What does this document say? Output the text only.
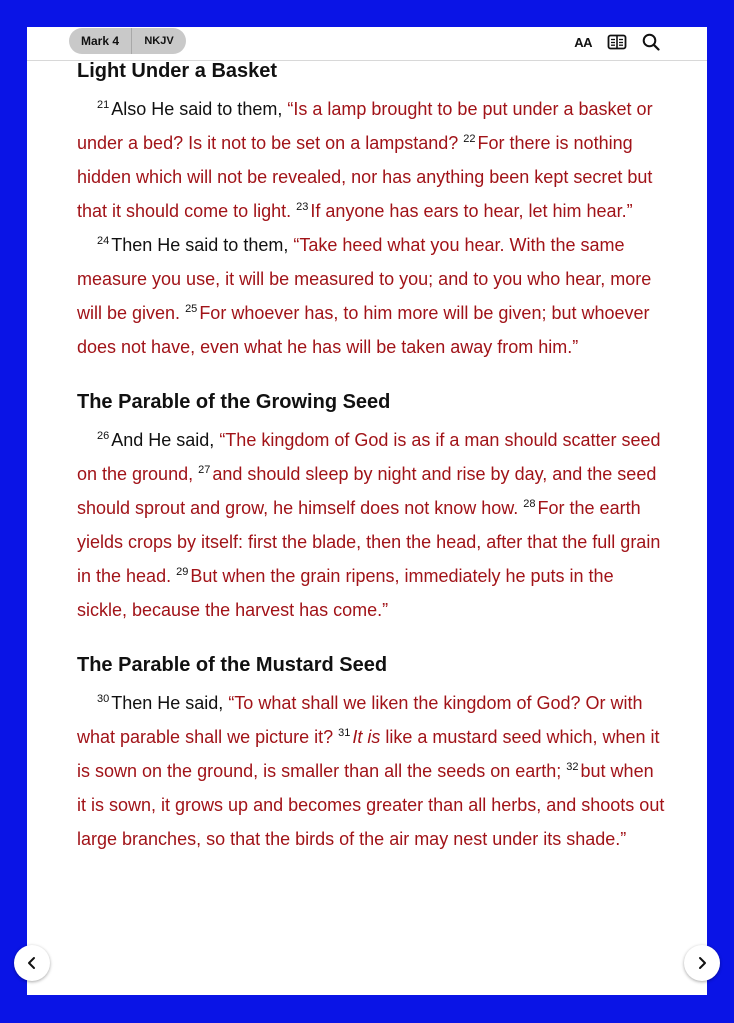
Mark 4	NKJV	AA
Light Under a Basket

$^{21}$ Also He said to them, “Is a lamp brought to be put under a basket or under a bed? Is it not to be set on a lampstand? $^{22}$ For there is nothing hidden which will not be revealed, nor has anything been kept secret but that it should come to light. $^{23}$ If anyone has ears to hear, let him hear.”

$^{24}$ Then He said to them, “Take heed what you hear. With the same measure you use, it will be measured to you; and to you who hear, more will be given. $^{25}$ For whoever has, to him more will be given; but whoever does not have, even what he has will be taken away from him.”

The Parable of the Growing Seed

$^{26}$ And He said, “The kingdom of God is as if a man should scatter seed on the ground, $^{27}$ and should sleep by night and rise by day, and the seed should sprout and grow, he himself does not know how. $^{28}$ For the earth yields crops by itself: first the blade, then the head, after that the full grain in the head. $^{29}$ But when the grain ripens, immediately he puts in the sickle, because the harvest has come.”

The Parable of the Mustard Seed

$^{30}$ Then He said, “To what shall we liken the kingdom of God? Or with what parable shall we picture it? $^{31}$ It is like a mustard seed which, when it is sown on the ground, is smaller than all the seeds on earth; $^{32}$ but when it is sown, it grows up and becomes greater than all herbs, and shoots out large branches, so that the birds of the air may nest under its shade.”
